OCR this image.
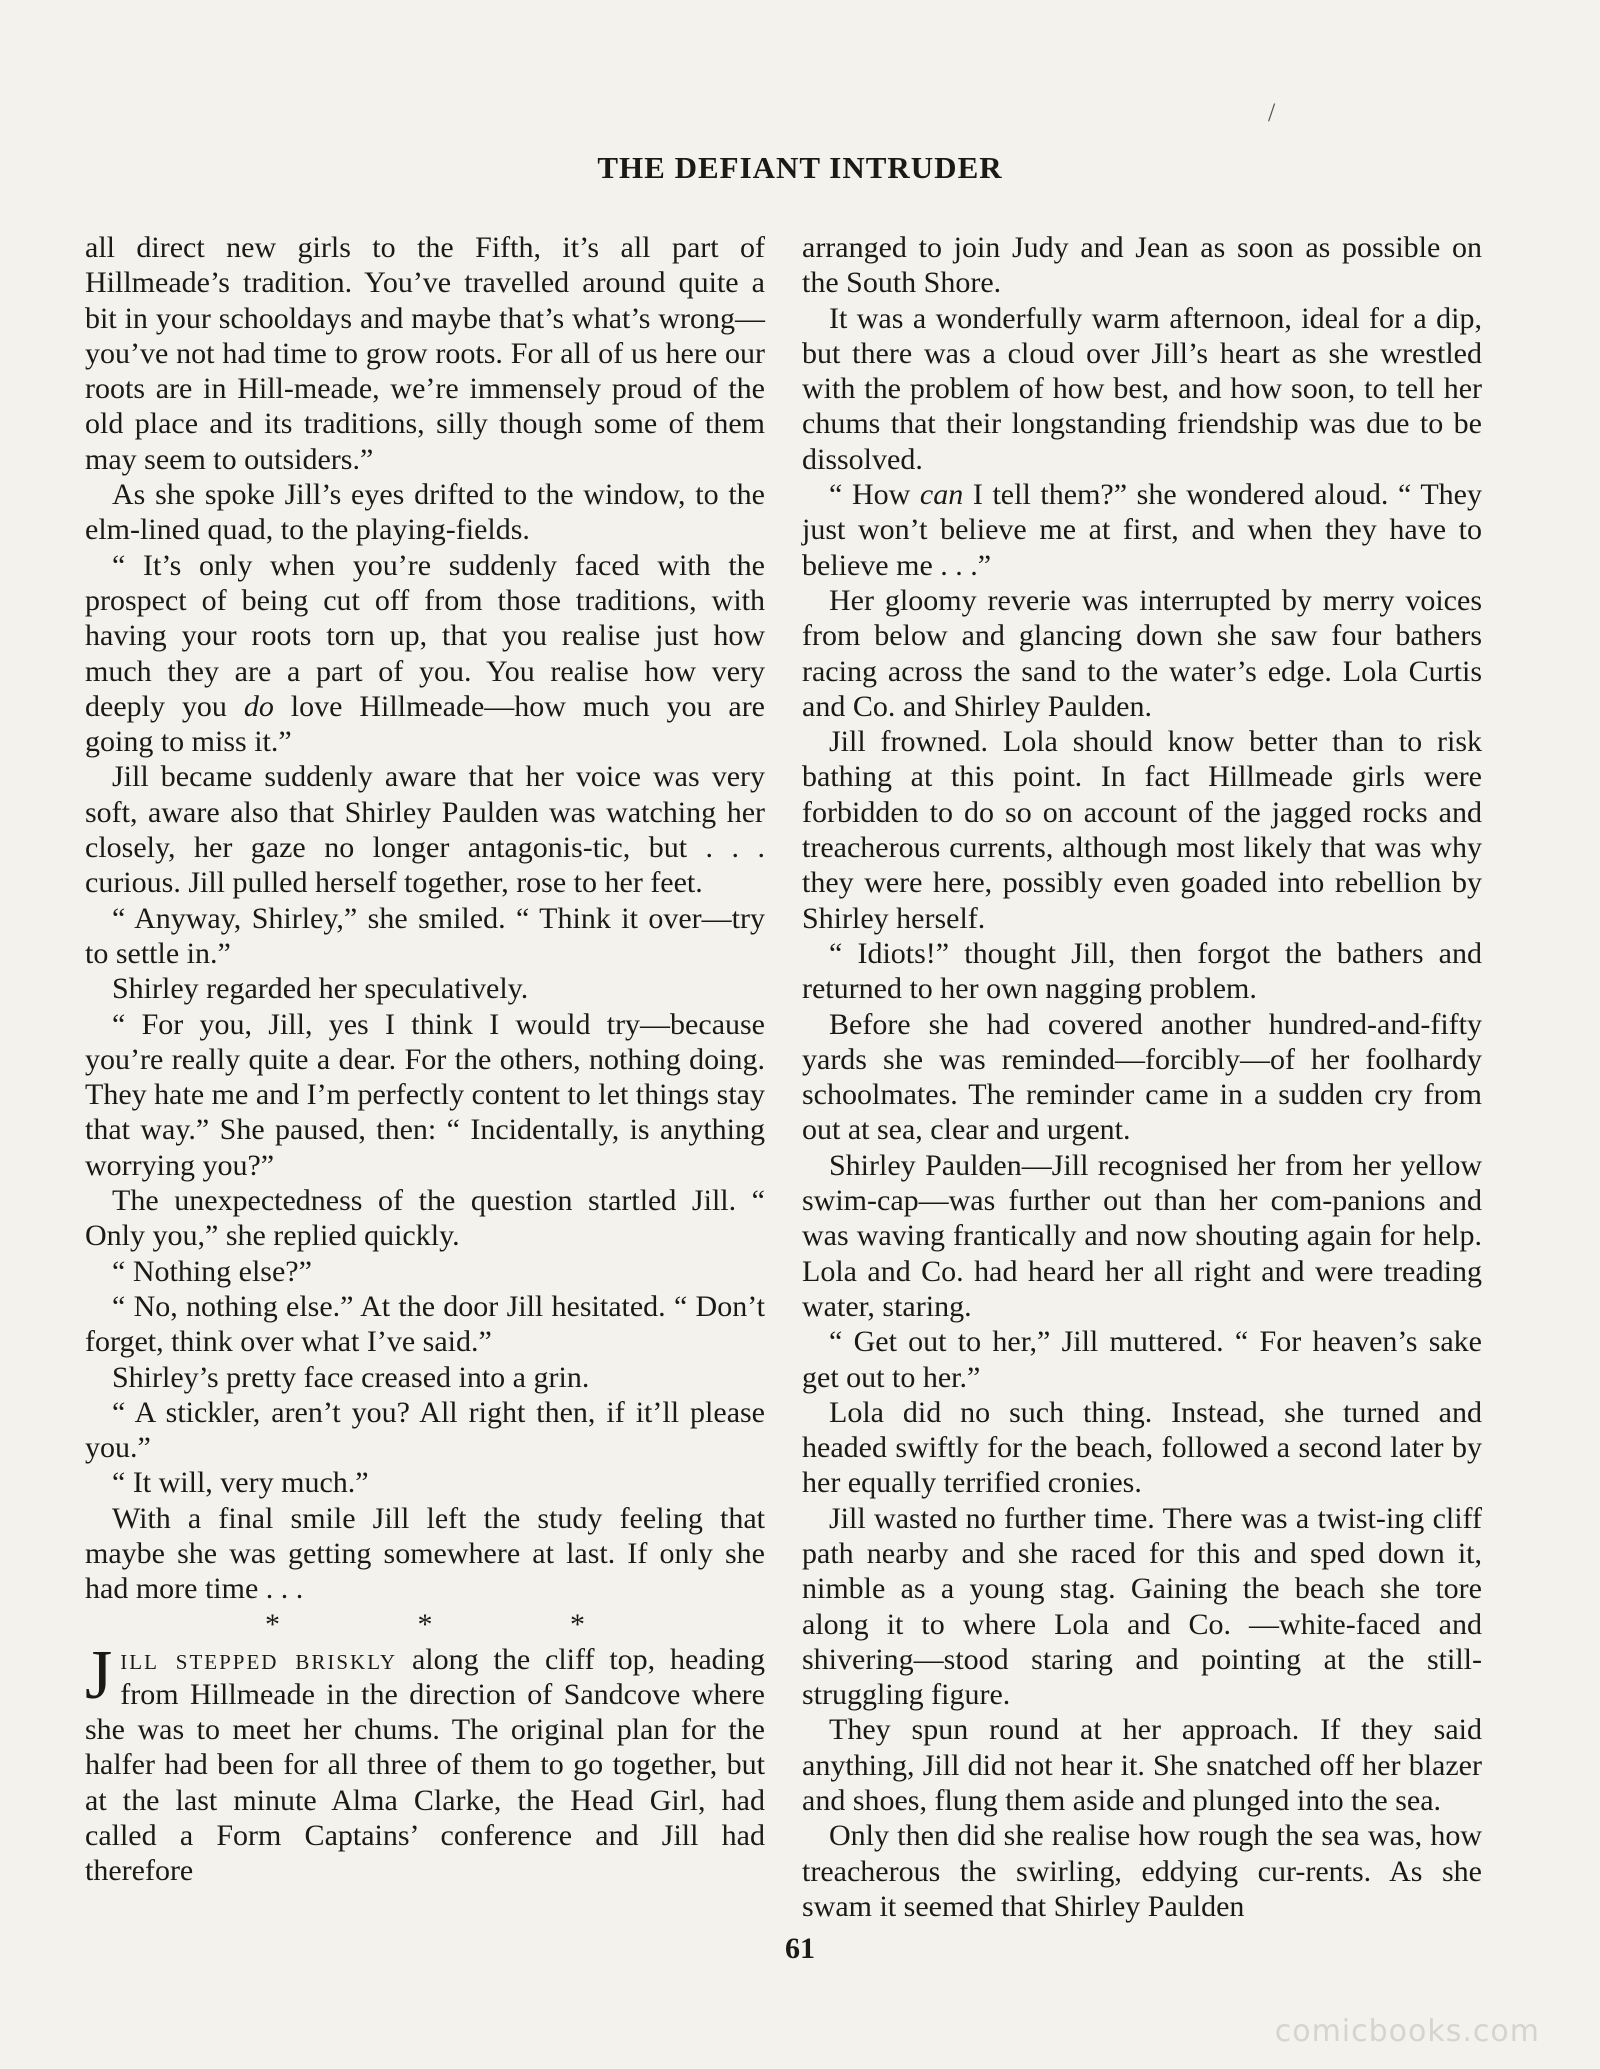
/
THE DEFIANT INTRUDER

all direct new girls to the Fifth, it’s all part of Hillmeade’s tradition. You’ve travelled around quite a bit in your schooldays and maybe that’s what’s wrong—you’ve not had time to grow roots. For all of us here our roots are in Hill-meade, we’re immensely proud of the old place and its traditions, silly though some of them may seem to outsiders.”

As she spoke Jill’s eyes drifted to the window, to the elm-lined quad, to the playing-fields.

“ It’s only when you’re suddenly faced with the prospect of being cut off from those traditions, with having your roots torn up, that you realise just how much they are a part of you. You realise how very deeply you do love Hillmeade—how much you are going to miss it.”

Jill became suddenly aware that her voice was very soft, aware also that Shirley Paulden was watching her closely, her gaze no longer antagonis-tic, but . . . curious. Jill pulled herself together, rose to her feet.

“ Anyway, Shirley,” she smiled. “ Think it over—try to settle in.”

Shirley regarded her speculatively.

“ For you, Jill, yes I think I would try—because you’re really quite a dear. For the others, nothing doing. They hate me and I’m perfectly content to let things stay that way.” She paused, then: “ Incidentally, is anything worrying you?”

The unexpectedness of the question startled Jill. “ Only you,” she replied quickly.

“ Nothing else?”

“ No, nothing else.” At the door Jill hesitated. “ Don’t forget, think over what I’ve said.”

Shirley’s pretty face creased into a grin.

“ A stickler, aren’t you? All right then, if it’ll please you.”

“ It will, very much.”

With a final smile Jill left the study feeling that maybe she was getting somewhere at last. If only she had more time . . .

* * *

Jill stepped briskly along the cliff top, heading from Hillmeade in the direction of Sandcove where she was to meet her chums. The original plan for the halfer had been for all three of them to go together, but at the last minute Alma Clarke, the Head Girl, had called a Form Captains’ conference and Jill had therefore

arranged to join Judy and Jean as soon as possible on the South Shore.

It was a wonderfully warm afternoon, ideal for a dip, but there was a cloud over Jill’s heart as she wrestled with the problem of how best, and how soon, to tell her chums that their longstanding friendship was due to be dissolved.

“ How can I tell them?” she wondered aloud. “ They just won’t believe me at first, and when they have to believe me . . .”

Her gloomy reverie was interrupted by merry voices from below and glancing down she saw four bathers racing across the sand to the water’s edge. Lola Curtis and Co. and Shirley Paulden.

Jill frowned. Lola should know better than to risk bathing at this point. In fact Hillmeade girls were forbidden to do so on account of the jagged rocks and treacherous currents, although most likely that was why they were here, possibly even goaded into rebellion by Shirley herself.

“ Idiots!” thought Jill, then forgot the bathers and returned to her own nagging problem.

Before she had covered another hundred-and-fifty yards she was reminded—forcibly—of her foolhardy schoolmates. The reminder came in a sudden cry from out at sea, clear and urgent.

Shirley Paulden—Jill recognised her from her yellow swim-cap—was further out than her com-panions and was waving frantically and now shouting again for help. Lola and Co. had heard her all right and were treading water, staring.

“ Get out to her,” Jill muttered. “ For heaven’s sake get out to her.”

Lola did no such thing. Instead, she turned and headed swiftly for the beach, followed a second later by her equally terrified cronies.

Jill wasted no further time. There was a twist-ing cliff path nearby and she raced for this and sped down it, nimble as a young stag. Gaining the beach she tore along it to where Lola and Co. —white-faced and shivering—stood staring and pointing at the still-struggling figure.

They spun round at her approach. If they said anything, Jill did not hear it. She snatched off her blazer and shoes, flung them aside and plunged into the sea.

Only then did she realise how rough the sea was, how treacherous the swirling, eddying cur-rents. As she swam it seemed that Shirley Paulden

61
comicbooks.com
